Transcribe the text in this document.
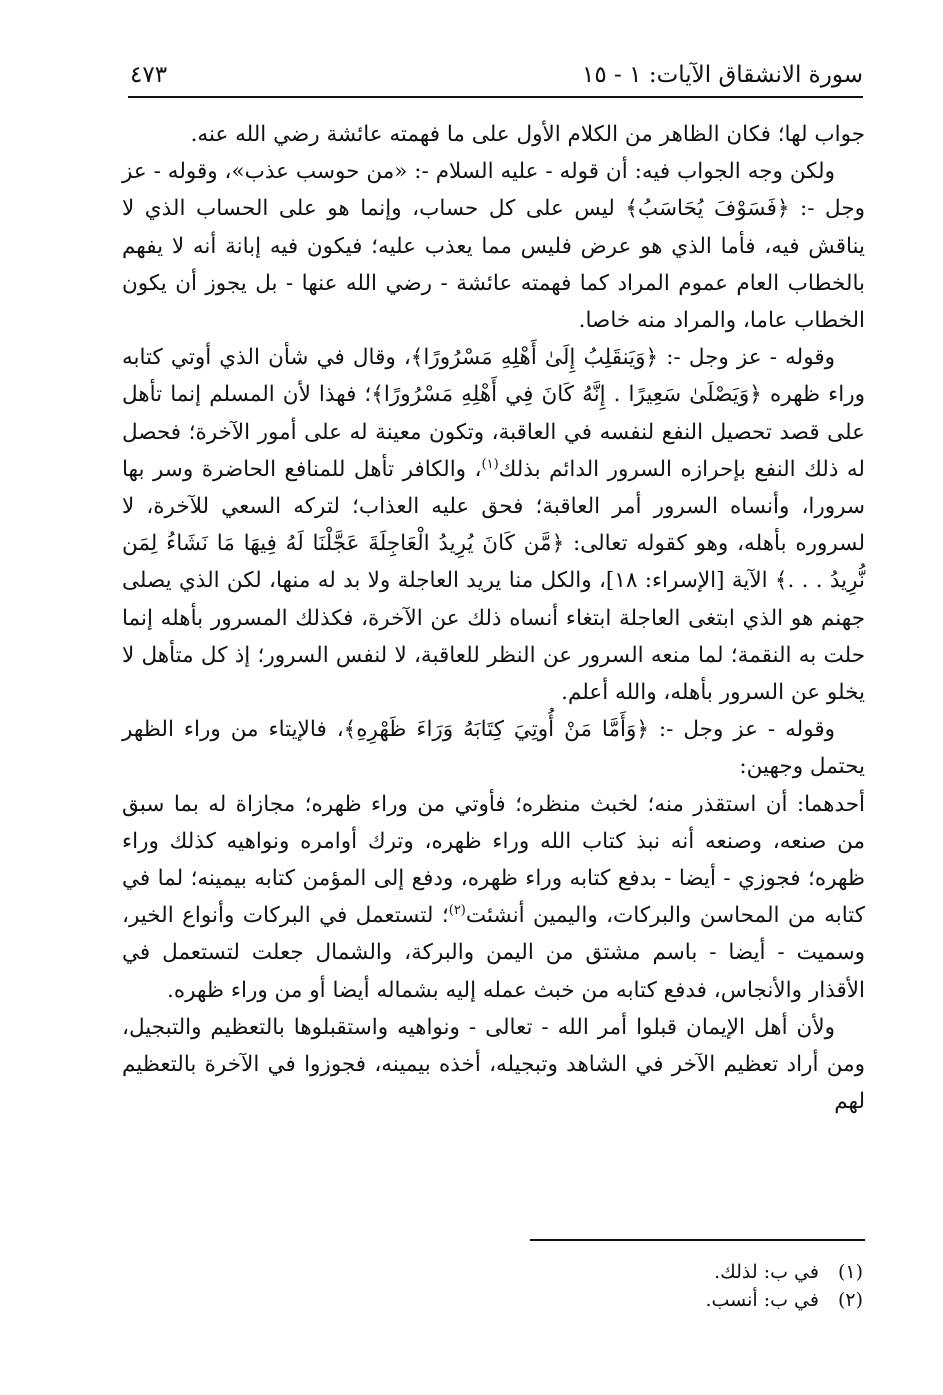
سورة الانشقاق الآيات: ١ - ١٥
٤٧٣

جواب لها؛ فكان الظاهر من الكلام الأول على ما فهمته عائشة رضي الله عنه.

ولكن وجه الجواب فيه: أن قوله - عليه السلام -: «من حوسب عذب»، وقوله - عز وجل -: ﴿فَسَوْفَ يُحَاسَبُ﴾ ليس على كل حساب، وإنما هو على الحساب الذي لا يناقش فيه، فأما الذي هو عرض فليس مما يعذب عليه؛ فيكون فيه إبانة أنه لا يفهم بالخطاب العام عموم المراد كما فهمته عائشة - رضي الله عنها - بل يجوز أن يكون الخطاب عاما، والمراد منه خاصا.

وقوله - عز وجل -: ﴿وَيَنقَلِبُ إِلَىٰ أَهْلِهِ مَسْرُورًا﴾، وقال في شأن الذي أوتي كتابه وراء ظهره ﴿وَيَصْلَىٰ سَعِيرًا . إِنَّهُ كَانَ فِي أَهْلِهِ مَسْرُورًا﴾؛ فهذا لأن المسلم إنما تأهل على قصد تحصيل النفع لنفسه في العاقبة، وتكون معينة له على أمور الآخرة؛ فحصل له ذلك النفع بإحرازه السرور الدائم بذلك$^{(١)}$، والكافر تأهل للمنافع الحاضرة وسر بها سرورا، وأنساه السرور أمر العاقبة؛ فحق عليه العذاب؛ لتركه السعي للآخرة، لا لسروره بأهله، وهو كقوله تعالى: ﴿مَّن كَانَ يُرِيدُ الْعَاجِلَةَ عَجَّلْنَا لَهُ فِيهَا مَا نَشَاءُ لِمَن نُّرِيدُ . . .﴾ الآية [الإسراء: ١٨]، والكل منا يريد العاجلة ولا بد له منها، لكن الذي يصلى جهنم هو الذي ابتغى العاجلة ابتغاء أنساه ذلك عن الآخرة، فكذلك المسرور بأهله إنما حلت به النقمة؛ لما منعه السرور عن النظر للعاقبة، لا لنفس السرور؛ إذ كل متأهل لا يخلو عن السرور بأهله، والله أعلم.

وقوله - عز وجل -: ﴿وَأَمَّا مَنْ أُوتِيَ كِتَابَهُ وَرَاءَ ظَهْرِهِ﴾، فالإيتاء من وراء الظهر يحتمل وجهين:

أحدهما: أن استقذر منه؛ لخبث منظره؛ فأوتي من وراء ظهره؛ مجازاة له بما سبق من صنعه، وصنعه أنه نبذ كتاب الله وراء ظهره، وترك أوامره ونواهيه كذلك وراء ظهره؛ فجوزي - أيضا - بدفع كتابه وراء ظهره، ودفع إلى المؤمن كتابه بيمينه؛ لما في كتابه من المحاسن والبركات، واليمين أنشئت$^{(٢)}$؛ لتستعمل في البركات وأنواع الخير، وسميت - أيضا - باسم مشتق من اليمن والبركة، والشمال جعلت لتستعمل في الأقذار والأنجاس، فدفع كتابه من خبث عمله إليه بشماله أيضا أو من وراء ظهره.

ولأن أهل الإيمان قبلوا أمر الله - تعالى - ونواهيه واستقبلوها بالتعظيم والتبجيل، ومن أراد تعظيم الآخر في الشاهد وتبجيله، أخذه بيمينه، فجوزوا في الآخرة بالتعظيم لهم

(١) في ب: لذلك.
(٢) في ب: أنسب.
